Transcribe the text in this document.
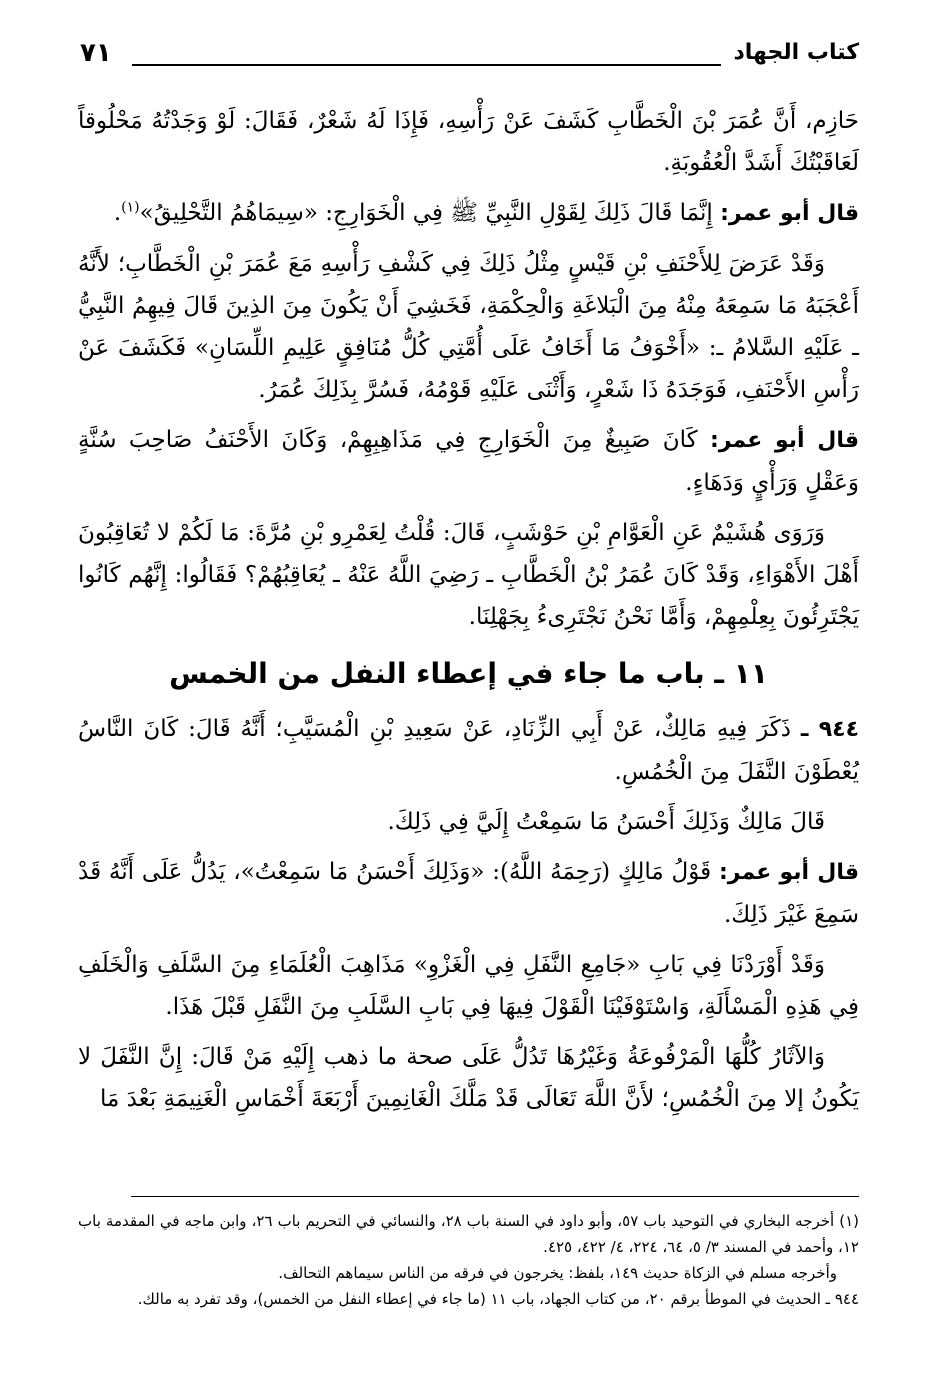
كتاب الجهاد
٧١

حَازِم، أَنَّ عُمَرَ بْنَ الْخَطَّابِ كَشَفَ عَنْ رَأْسِهِ، فَإِذَا لَهُ شَعْرٌ، فَقَالَ: لَوْ وَجَدْتُهُ مَحْلُوقاً لَعَاقَبْتُكَ أَشَدَّ الْعُقُوبَةِ.

قال أبو عمر: إِنَّمَا قَالَ ذَلِكَ لِقَوْلِ النَّبِيِّ ﷺ فِي الْخَوَارِجِ: «سِيمَاهُمُ التَّحْلِيقُ»$^{(١)}$.

وَقَدْ عَرَضَ لِلأَحْنَفِ بْنِ قَيْسٍ مِثْلُ ذَلِكَ فِي كَشْفِ رَأْسِهِ مَعَ عُمَرَ بْنِ الْخَطَّابِ؛ لأَنَّهُ أَعْجَبَهُ مَا سَمِعَهُ مِنْهُ مِنَ الْبَلاغَةِ وَالْحِكْمَةِ، فَخَشِيَ أَنْ يَكُونَ مِنَ الذِينَ قَالَ فِيهِمُ النَّبِيُّ ـ عَلَيْهِ السَّلامُ ـ: «أَخْوَفُ مَا أَخَافُ عَلَى أُمَّتِي كُلُّ مُنَافِقٍ عَلِيمِ اللِّسَانِ» فَكَشَفَ عَنْ رَأْسِ الأَحْنَفِ، فَوَجَدَهُ ذَا شَعْرٍ، وَأَثْنَى عَلَيْهِ قَوْمُهُ، فَسُرَّ بِذَلِكَ عُمَرُ.

قال أبو عمر: كَانَ صَبِيغٌ مِنَ الْخَوَارِجِ فِي مَذَاهِبِهِمْ، وَكَانَ الأَحْنَفُ صَاحِبَ سُنَّةٍ وَعَقْلٍ وَرَأْيٍ وَدَهَاءٍ.

وَرَوَى هُشَيْمٌ عَنِ الْعَوَّامِ بْنِ حَوْشَبٍ، قَالَ: قُلْتُ لِعَمْرِو بْنِ مُرَّةَ: مَا لَكُمْ لا تُعَاقِبُونَ أَهْلَ الأَهْوَاءِ، وَقَدْ كَانَ عُمَرُ بْنُ الْخَطَّابِ ـ رَضِيَ اللَّهُ عَنْهُ ـ يُعَاقِبُهُمْ؟ فَقَالُوا: إِنَّهُم كَانُوا يَجْتَرِئُونَ بِعِلْمِهِمْ، وَأَمَّا نَحْنُ نَجْتَرِىءُ بِجَهْلِنَا.

١١ ـ باب ما جاء في إعطاء النفل من الخمس

٩٤٤ ـ ذَكَرَ فِيهِ مَالِكٌ، عَنْ أَبِي الزِّنَادِ، عَنْ سَعِيدِ بْنِ الْمُسَيَّبِ؛ أَنَّهُ قَالَ: كَانَ النَّاسُ يُعْطَوْنَ النَّفَلَ مِنَ الْخُمُسِ.

قَالَ مَالِكٌ وَذَلِكَ أَحْسَنُ مَا سَمِعْتُ إِلَيَّ فِي ذَلِكَ.

قال أبو عمر: قَوْلُ مَالِكٍ (رَحِمَهُ اللَّهُ): «وَذَلِكَ أَحْسَنُ مَا سَمِعْتُ»، يَدُلُّ عَلَى أَنَّهُ قَدْ سَمِعَ غَيْرَ ذَلِكَ.

وَقَدْ أَوْرَدْنَا فِي بَابِ «جَامِعِ النَّفَلِ فِي الْغَزْوِ» مَذَاهِبَ الْعُلَمَاءِ مِنَ السَّلَفِ وَالْخَلَفِ فِي هَذِهِ الْمَسْأَلَةِ، وَاسْتَوْفَيْنَا الْقَوْلَ فِيهَا فِي بَابِ السَّلَبِ مِنَ النَّفَلِ قَبْلَ هَذَا.

وَالآثَارُ كُلُّهَا الْمَرْفُوعَةُ وَغَيْرُهَا تَدُلُّ عَلَى صحة ما ذهب إِلَيْهِ مَنْ قَالَ: إِنَّ النَّفَلَ لا يَكُونُ إلا مِنَ الْخُمُسِ؛ لأَنَّ اللَّهَ تَعَالَى قَدْ مَلَّكَ الْغَانِمِينَ أَرْبَعَةَ أَخْمَاسِ الْغَنِيمَةِ بَعْدَ مَا

(١) أخرجه البخاري في التوحيد باب ٥٧، وأبو داود في السنة باب ٢٨، والنسائي في التحريم باب ٢٦، وابن ماجه في المقدمة باب ١٢، وأحمد في المسند ٣/ ٥، ٦٤، ٢٢٤، ٤/ ٤٢٢، ٤٢٥.

وأخرجه مسلم في الزكاة حديث ١٤٩، بلفظ: يخرجون في فرقه من الناس سيماهم التحالف.

٩٤٤ ـ الحديث في الموطأ برقم ٢٠، من كتاب الجهاد، باب ١١ (ما جاء في إعطاء النفل من الخمس)، وقد تفرد به مالك.
